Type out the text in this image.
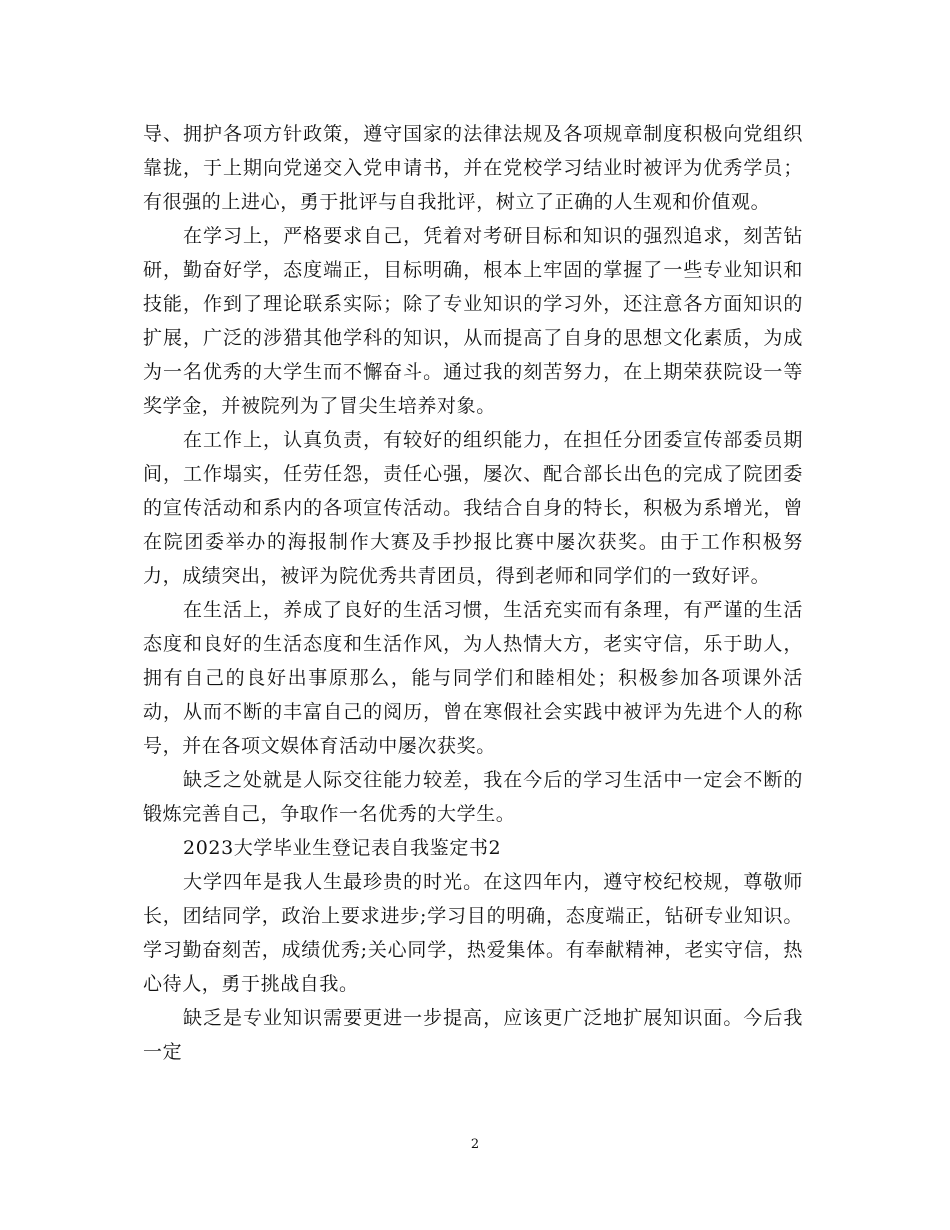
导、拥护各项方针政策，遵守国家的法律法规及各项规章制度积极向党组织靠拢，于上期向党递交入党申请书，并在党校学习结业时被评为优秀学员；有很强的上进心，勇于批评与自我批评，树立了正确的人生观和价值观。

在学习上，严格要求自己，凭着对考研目标和知识的强烈追求，刻苦钻研，勤奋好学，态度端正，目标明确，根本上牢固的掌握了一些专业知识和技能，作到了理论联系实际；除了专业知识的学习外，还注意各方面知识的扩展，广泛的涉猎其他学科的知识，从而提高了自身的思想文化素质，为成为一名优秀的大学生而不懈奋斗。通过我的刻苦努力，在上期荣获院设一等奖学金，并被院列为了冒尖生培养对象。

在工作上，认真负责，有较好的组织能力，在担任分团委宣传部委员期间，工作塌实，任劳任怨，责任心强，屡次、配合部长出色的完成了院团委的宣传活动和系内的各项宣传活动。我结合自身的特长，积极为系增光，曾在院团委举办的海报制作大赛及手抄报比赛中屡次获奖。由于工作积极努力，成绩突出，被评为院优秀共青团员，得到老师和同学们的一致好评。

在生活上，养成了良好的生活习惯，生活充实而有条理，有严谨的生活态度和良好的生活态度和生活作风，为人热情大方，老实守信，乐于助人，拥有自己的良好出事原那么，能与同学们和睦相处；积极参加各项课外活动，从而不断的丰富自己的阅历，曾在寒假社会实践中被评为先进个人的称号，并在各项文娱体育活动中屡次获奖。

缺乏之处就是人际交往能力较差，我在今后的学习生活中一定会不断的锻炼完善自己，争取作一名优秀的大学生。

2023大学毕业生登记表自我鉴定书2

大学四年是我人生最珍贵的时光。在这四年内，遵守校纪校规，尊敬师长，团结同学，政治上要求进步;学习目的明确，态度端正，钻研专业知识。学习勤奋刻苦，成绩优秀;关心同学，热爱集体。有奉献精神，老实守信，热心待人，勇于挑战自我。

缺乏是专业知识需要更进一步提高，应该更广泛地扩展知识面。今后我一定

2
